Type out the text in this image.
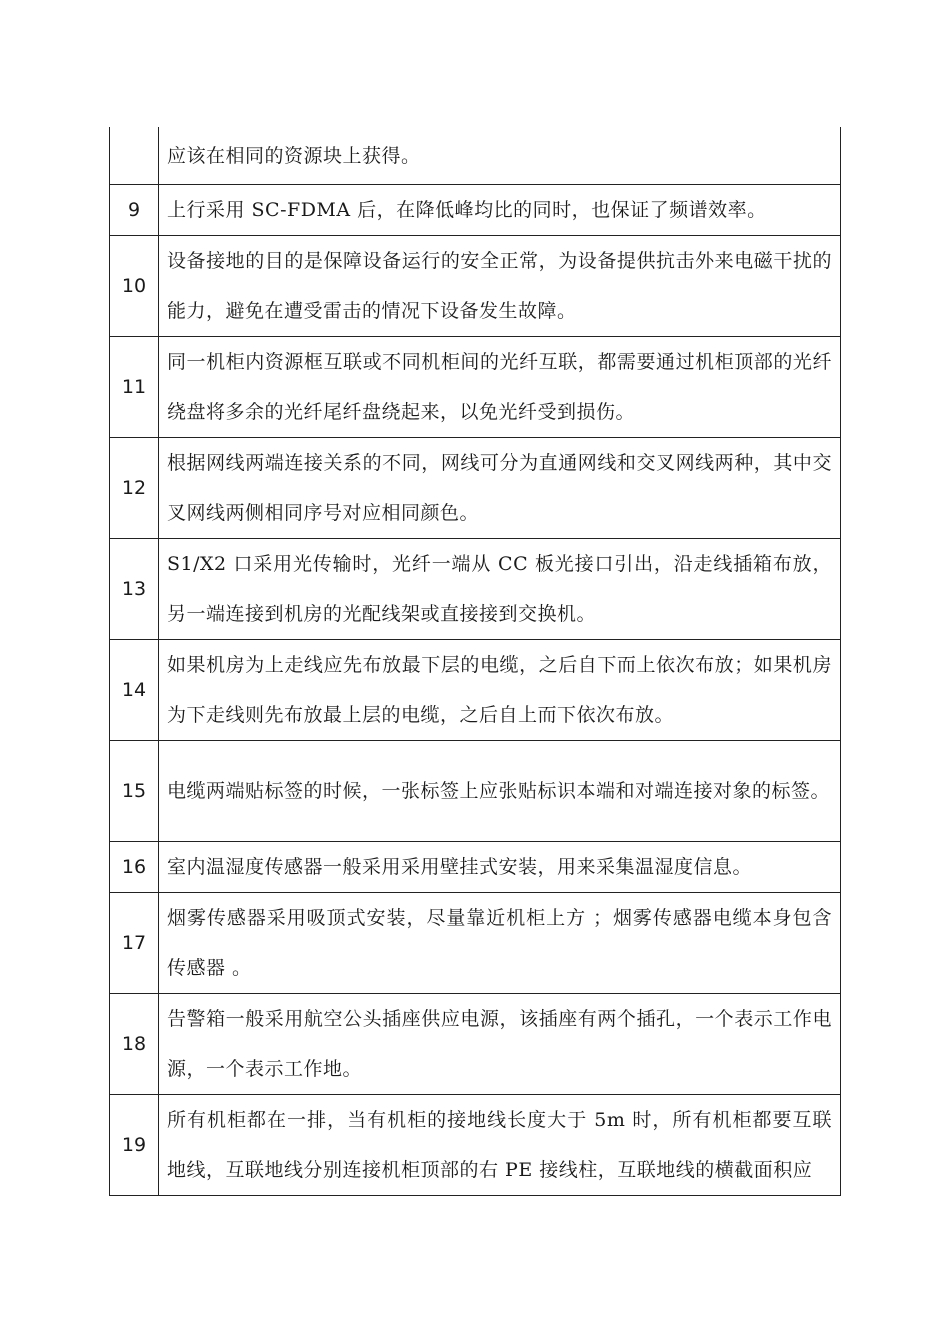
	应该在相同的资源块上获得。
9	上行采用 SC-FDMA 后，在降低峰均比的同时，也保证了频谱效率。
10	设备接地的目的是保障设备运行的安全正常，为设备提供抗击外来电磁干扰的能力，避免在遭受雷击的情况下设备发生故障。
11	同一机柜内资源框互联或不同机柜间的光纤互联，都需要通过机柜顶部的光纤绕盘将多余的光纤尾纤盘绕起来，以免光纤受到损伤。
12	根据网线两端连接关系的不同，网线可分为直通网线和交叉网线两种，其中交叉网线两侧相同序号对应相同颜色。
13	S1/X2 口采用光传输时，光纤一端从 CC 板光接口引出，沿走线插箱布放，另一端连接到机房的光配线架或直接接到交换机。
14	如果机房为上走线应先布放最下层的电缆，之后自下而上依次布放；如果机房为下走线则先布放最上层的电缆，之后自上而下依次布放。
15	电缆两端贴标签的时候，一张标签上应张贴标识本端和对端连接对象的标签。
16	室内温湿度传感器一般采用采用壁挂式安装，用来采集温湿度信息。
17	烟雾传感器采用吸顶式安装，尽量靠近机柜上方 ；烟雾传感器电缆本身包含传感器 。
18	告警箱一般采用航空公头插座供应电源，该插座有两个插孔，一个表示工作电源，一个表示工作地。
19	所有机柜都在一排，当有机柜的接地线长度大于 5m 时，所有机柜都要互联地线，互联地线分别连接机柜顶部的右 PE 接线柱，互联地线的横截面积应
